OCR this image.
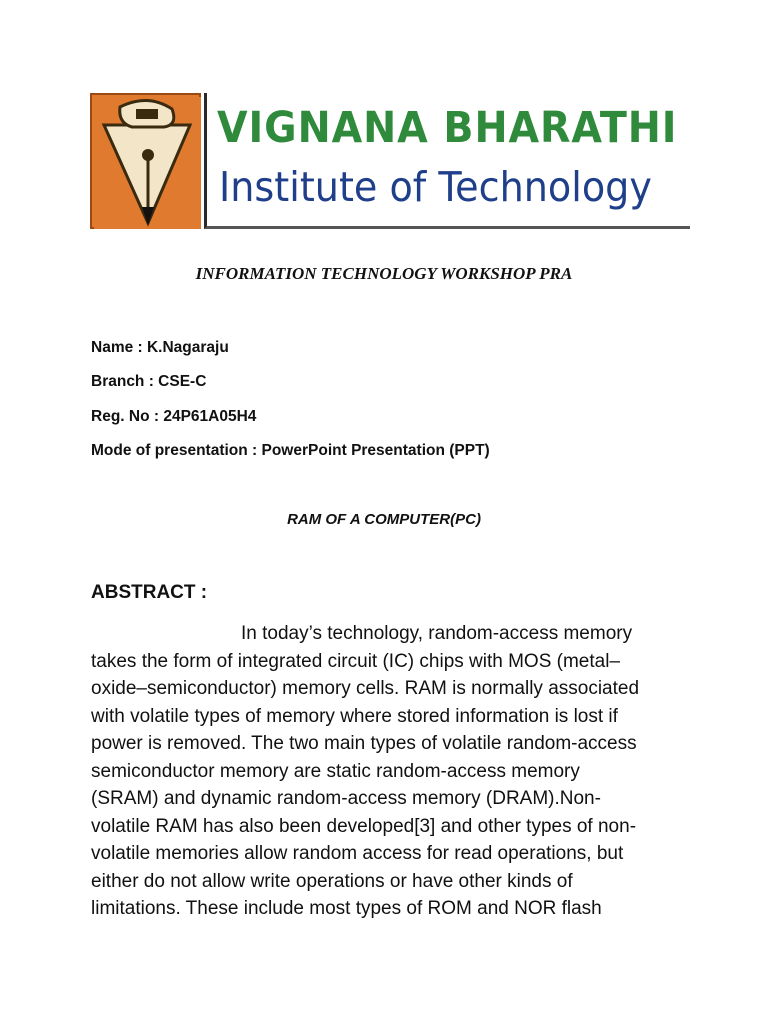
VIGNANA BHARATHI
Institute of Technology
INFORMATION TECHNOLOGY WORKSHOP PRA
Name : K.Nagaraju
Branch : CSE-C
Reg. No : 24P61A05H4
Mode of presentation : PowerPoint Presentation (PPT)
RAM OF A COMPUTER(PC)
ABSTRACT :
In today’s technology, random-access memory
takes the form of integrated circuit (IC) chips with MOS (metal–
oxide–semiconductor) memory cells. RAM is normally associated
with volatile types of memory where stored information is lost if
power is removed. The two main types of volatile random-access
semiconductor memory are static random-access memory
(SRAM) and dynamic random-access memory (DRAM).Non-
volatile RAM has also been developed[3] and other types of non-
volatile memories allow random access for read operations, but
either do not allow write operations or have other kinds of
limitations. These include most types of ROM and NOR flash
